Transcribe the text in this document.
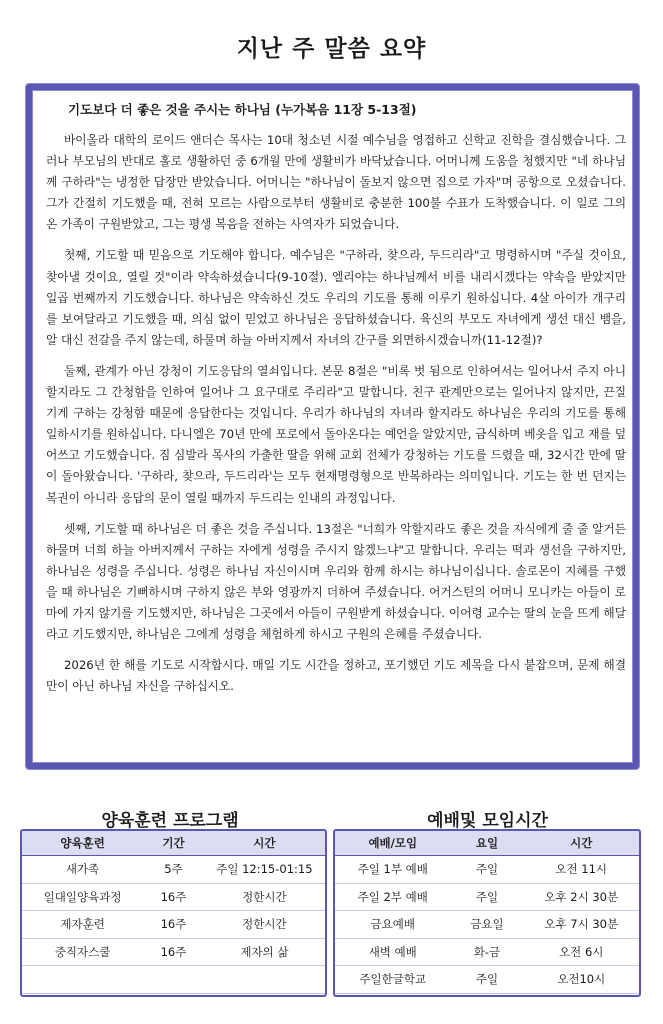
지난 주 말씀 요약
기도보다 더 좋은 것을 주시는 하나님 (누가복음 11장 5-13절)

바이올라 대학의 로이드 앤더슨 목사는 10대 청소년 시절 예수님을 영접하고 신학교 진학을 결심했습니다. 그러나 부모님의 반대로 홀로 생활하던 중 6개월 만에 생활비가 바닥났습니다. 어머니께 도움을 청했지만 "네 하나님께 구하라"는 냉정한 답장만 받았습니다. 어머니는 "하나님이 돌보지 않으면 집으로 가자"며 공항으로 오셨습니다. 그가 간절히 기도했을 때, 전혀 모르는 사람으로부터 생활비로 충분한 100불 수표가 도착했습니다. 이 일로 그의 온 가족이 구원받았고, 그는 평생 복음을 전하는 사역자가 되었습니다.

첫째, 기도할 때 믿음으로 기도해야 합니다. 예수님은 "구하라, 찾으라, 두드리라"고 명령하시며 "주실 것이요, 찾아낼 것이요, 열릴 것"이라 약속하셨습니다(9-10절). 엘리야는 하나님께서 비를 내리시겠다는 약속을 받았지만 일곱 번째까지 기도했습니다. 하나님은 약속하신 것도 우리의 기도를 통해 이루기 원하십니다. 4살 아이가 개구리를 보여달라고 기도했을 때, 의심 없이 믿었고 하나님은 응답하셨습니다. 육신의 부모도 자녀에게 생선 대신 뱀을, 알 대신 전갈을 주지 않는데, 하물며 하늘 아버지께서 자녀의 간구를 외면하시겠습니까(11-12절)?

둘째, 관계가 아닌 강청이 기도응답의 열쇠입니다. 본문 8절은 "비록 벗 됨으로 인하여서는 일어나서 주지 아니할지라도 그 간청함을 인하여 일어나 그 요구대로 주리라"고 말합니다. 친구 관계만으로는 일어나지 않지만, 끈질기게 구하는 강청함 때문에 응답한다는 것입니다. 우리가 하나님의 자녀라 할지라도 하나님은 우리의 기도를 통해 일하시기를 원하십니다. 다니엘은 70년 만에 포로에서 돌아온다는 예언을 알았지만, 금식하며 베옷을 입고 재를 덮어쓰고 기도했습니다. 짐 심발라 목사의 가출한 딸을 위해 교회 전체가 강청하는 기도를 드렸을 때, 32시간 만에 딸이 돌아왔습니다. '구하라, 찾으라, 두드리라'는 모두 현재명령형으로 반복하라는 의미입니다. 기도는 한 번 던지는 복권이 아니라 응답의 문이 열릴 때까지 두드리는 인내의 과정입니다.

셋째, 기도할 때 하나님은 더 좋은 것을 주십니다. 13절은 "너희가 악할지라도 좋은 것을 자식에게 줄 줄 알거든 하물며 너희 하늘 아버지께서 구하는 자에게 성령을 주시지 않겠느냐"고 말합니다. 우리는 떡과 생선을 구하지만, 하나님은 성령을 주십니다. 성령은 하나님 자신이시며 우리와 함께 하시는 하나님이십니다. 솔로몬이 지혜를 구했을 때 하나님은 기뻐하시며 구하지 않은 부와 영광까지 더하여 주셨습니다. 어거스틴의 어머니 모니카는 아들이 로마에 가지 않기를 기도했지만, 하나님은 그곳에서 아들이 구원받게 하셨습니다. 이어령 교수는 딸의 눈을 뜨게 해달라고 기도했지만, 하나님은 그에게 성령을 체험하게 하시고 구원의 은혜를 주셨습니다.

2026년 한 해를 기도로 시작합시다. 매일 기도 시간을 정하고, 포기했던 기도 제목을 다시 붙잡으며, 문제 해결만이 아닌 하나님 자신을 구하십시오.

양육훈련 프로그램	예배및 모임시간
양육훈련	기간	시간
새가족	5주	주일 12:15-01:15
일대일양육과정	16주	정한시간
제자훈련	16주	정한시간
중직자스쿨	16주	제자의 삶

예배/모임	요일	시간
주일 1부 예배	주일	오전 11시
주일 2부 예배	주일	오후 2시 30분
금요예배	금요일	오후 7시 30분
새벽 예배	화-금	오전 6시
주일한글학교	주일	오전10시
